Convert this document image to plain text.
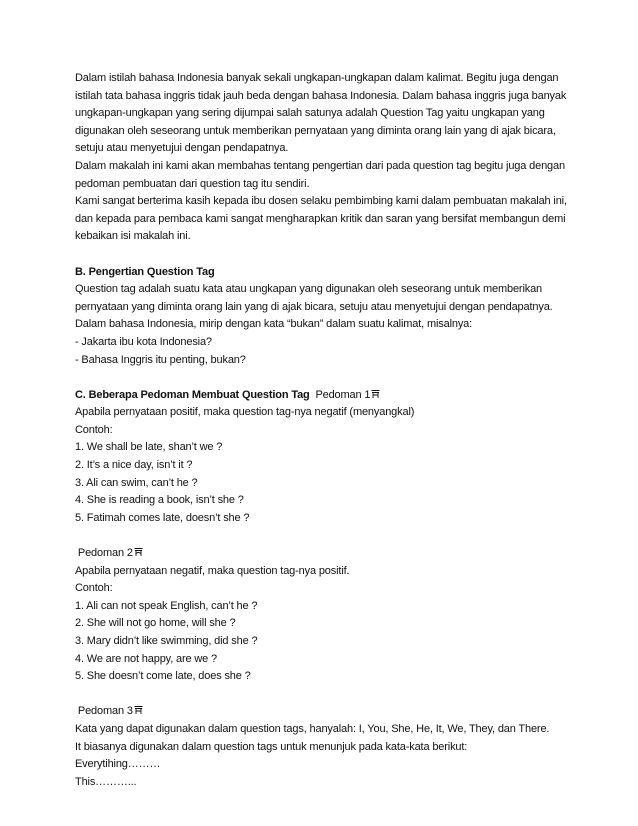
Dalam istilah bahasa Indonesia banyak sekali ungkapan-ungkapan dalam kalimat. Begitu juga dengan
istilah tata bahasa inggris tidak jauh beda dengan bahasa Indonesia. Dalam bahasa inggris juga banyak
ungkapan-ungkapan yang sering dijumpai salah satunya adalah Question Tag yaitu ungkapan yang
digunakan oleh seseorang untuk memberikan pernyataan yang diminta orang lain yang di ajak bicara,
setuju atau menyetujui dengan pendapatnya.
Dalam makalah ini kami akan membahas tentang pengertian dari pada question tag begitu juga dengan
pedoman pembuatan dari question tag itu sendiri.
Kami sangat berterima kasih kepada ibu dosen selaku pembimbing kami dalam pembuatan makalah ini,
dan kepada para pembaca kami sangat mengharapkan kritik dan saran yang bersifat membangun demi
kebaikan isi makalah ini.
B. Pengertian Question Tag
Question tag adalah suatu kata atau ungkapan yang digunakan oleh seseorang untuk memberikan
pernyataan yang diminta orang lain yang di ajak bicara, setuju atau menyetujui dengan pendapatnya.
Dalam bahasa Indonesia, mirip dengan kata “bukan” dalam suatu kalimat, misalnya:
- Jakarta ibu kota Indonesia?
- Bahasa Inggris itu penting, bukan?
C. Beberapa Pedoman Membuat Question Tag Pedoman 1
Apabila pernyataan positif, maka question tag-nya negatif (menyangkal)
Contoh:
1. We shall be late, shan’t we ?
2. It’s a nice day, isn’t it ?
3. Ali can swim, can’t he ?
4. She is reading a book, isn’t she ?
5. Fatimah comes late, doesn’t she ?
Pedoman 2
Apabila pernyataan negatif, maka question tag-nya positif.
Contoh:
1. Ali can not speak English, can’t he ?
2. She will not go home, will she ?
3. Mary didn’t like swimming, did she ?
4. We are not happy, are we ?
5. She doesn’t come late, does she ?
Pedoman 3
Kata yang dapat digunakan dalam question tags, hanyalah: I, You, She, He, It, We, They, dan There.
It biasanya digunakan dalam question tags untuk menunjuk pada kata-kata berikut:
Everytihing………
This………...
